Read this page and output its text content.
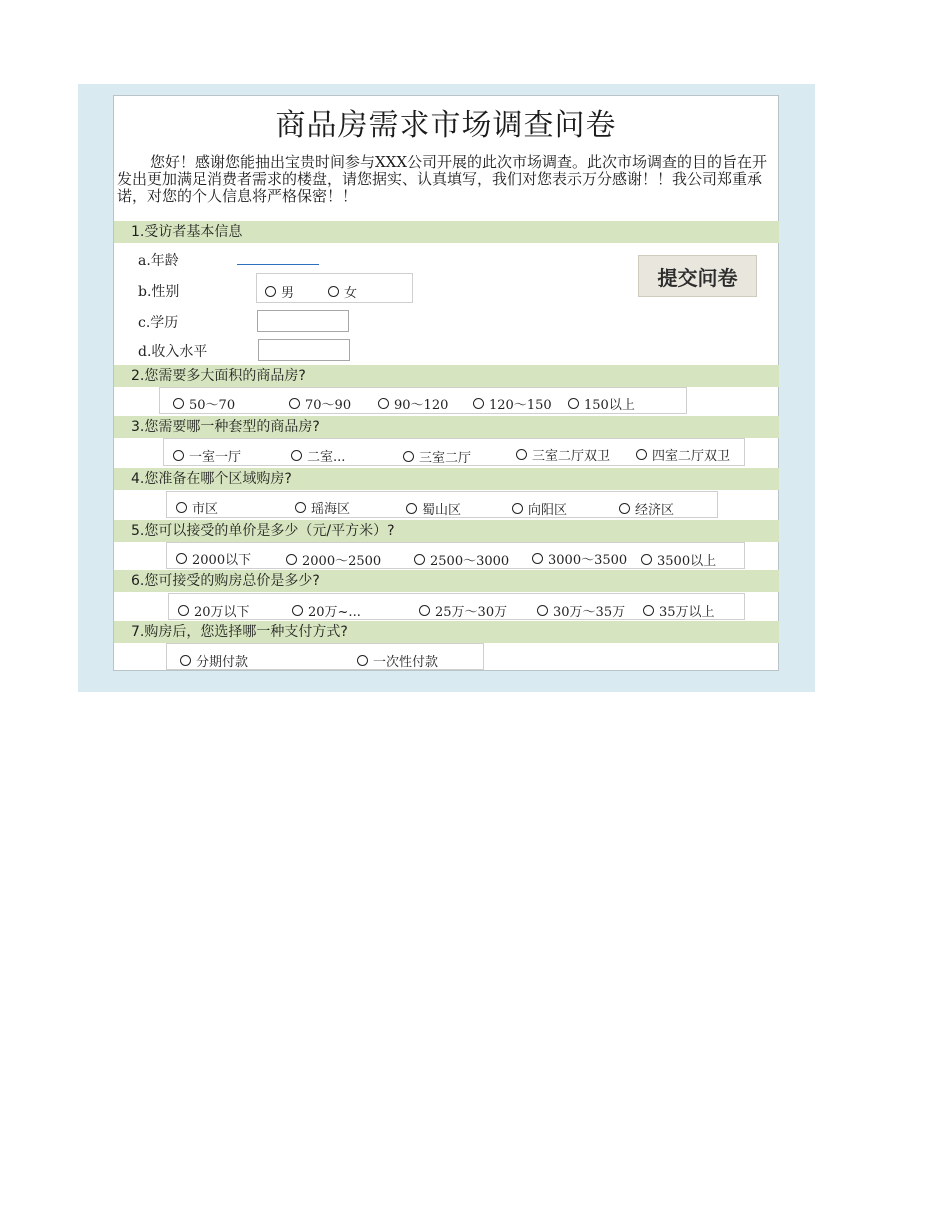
商品房需求市场调查问卷
您好！感谢您能抽出宝贵时间参与XXX公司开展的此次市场调查。此次市场调查的目的旨在开发出更加满足消费者需求的楼盘，请您据实、认真填写，我们对您表示万分感谢！！我公司郑重承诺，对您的个人信息将严格保密！！
1.受访者基本信息
a.年龄
b.性别	男	女
c.学历
d.收入水平
提交问卷
2.您需要多大面积的商品房?
50～70	70～90	90～120	120～150 150以上
3.您需要哪一种套型的商品房?
一室一厅	二室...	三室二厅	三室二厅双卫	四室二厅双卫
4.您准备在哪个区域购房?
市区	瑶海区	蜀山区	向阳区	经济区
5.您可以接受的单价是多少（元/平方米）?
2000以下	2000～2500	2500～3000	3000～3500 3500以上
6.您可接受的购房总价是多少?
20万以下	20万~...	25万～30万	30万～35万	35万以上
7.购房后，您选择哪一种支付方式?
分期付款	一次性付款
